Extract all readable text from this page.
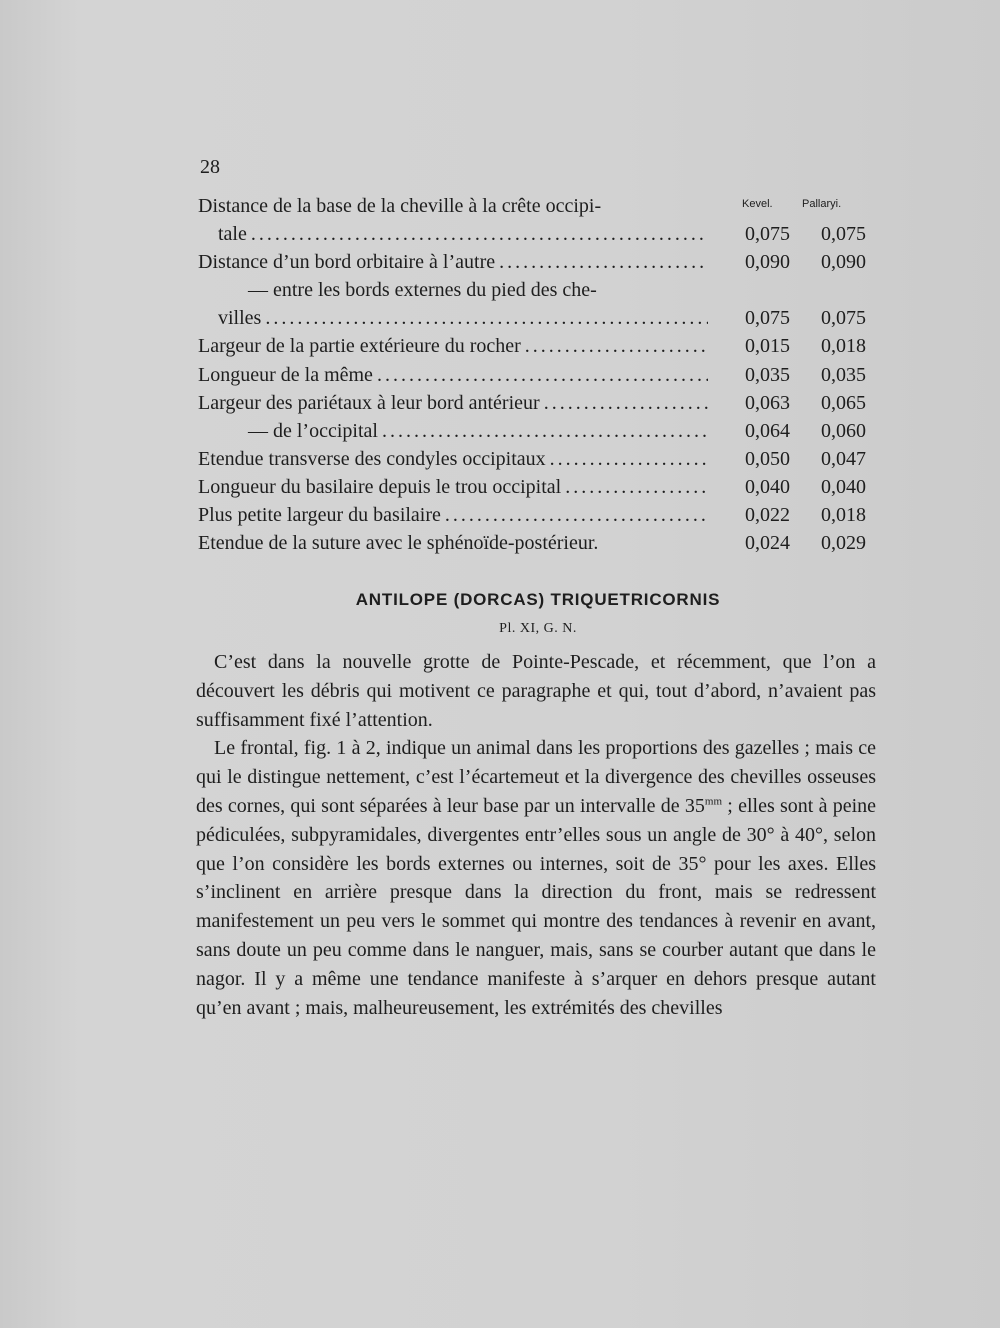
28
Kevel.	Pallaryi.
Distance de la base de la cheville à la crête occipi-
tale . . .	0,075	0,075
Distance d’un bord orbitaire à l’autre . . .	0,090	0,090
— entre les bords externes du pied des che-
villes . . .	0,075	0,075
Largeur de la partie extérieure du rocher . . .	0,015	0,018
Longueur de la même . . .	0,035	0,035
Largeur des pariétaux à leur bord antérieur . . .	0,063	0,065
— de l’occipital . . .	0,064	0,060
Etendue transverse des condyles occipitaux . . .	0,050	0,047
Longueur du basilaire depuis le trou occipital . . .	0,040	0,040
Plus petite largeur du basilaire . . .	0,022	0,018
Etendue de la suture avec le sphénoïde-postérieur.	0,024	0,029
ANTILOPE (DORCAS) TRIQUETRICORNIS
Pl. XI, G. N.

C’est dans la nouvelle grotte de Pointe-Pescade, et récemment, que l’on a découvert les débris qui motivent ce paragraphe et qui, tout d’abord, n’avaient pas suffisamment fixé l’attention.

Le frontal, fig. 1 à 2, indique un animal dans les proportions des gazelles ; mais ce qui le distingue nettement, c’est l’écartemeut et la divergence des chevilles osseuses des cornes, qui sont séparées à leur base par un intervalle de $35^{mm}$ ; elles sont à peine pédiculées, subpyramidales, divergentes entr’elles sous un angle de 30° à 40°, selon que l’on considère les bords externes ou internes, soit de 35° pour les axes. Elles s’inclinent en arrière presque dans la direction du front, mais se redressent manifestement un peu vers le sommet qui montre des tendances à revenir en avant, sans doute un peu comme dans le nanguer, mais, sans se courber autant que dans le nagor. Il y a même une tendance manifeste à s’arquer en dehors presque autant qu’en avant ; mais, malheureusement, les extrémités des chevilles
